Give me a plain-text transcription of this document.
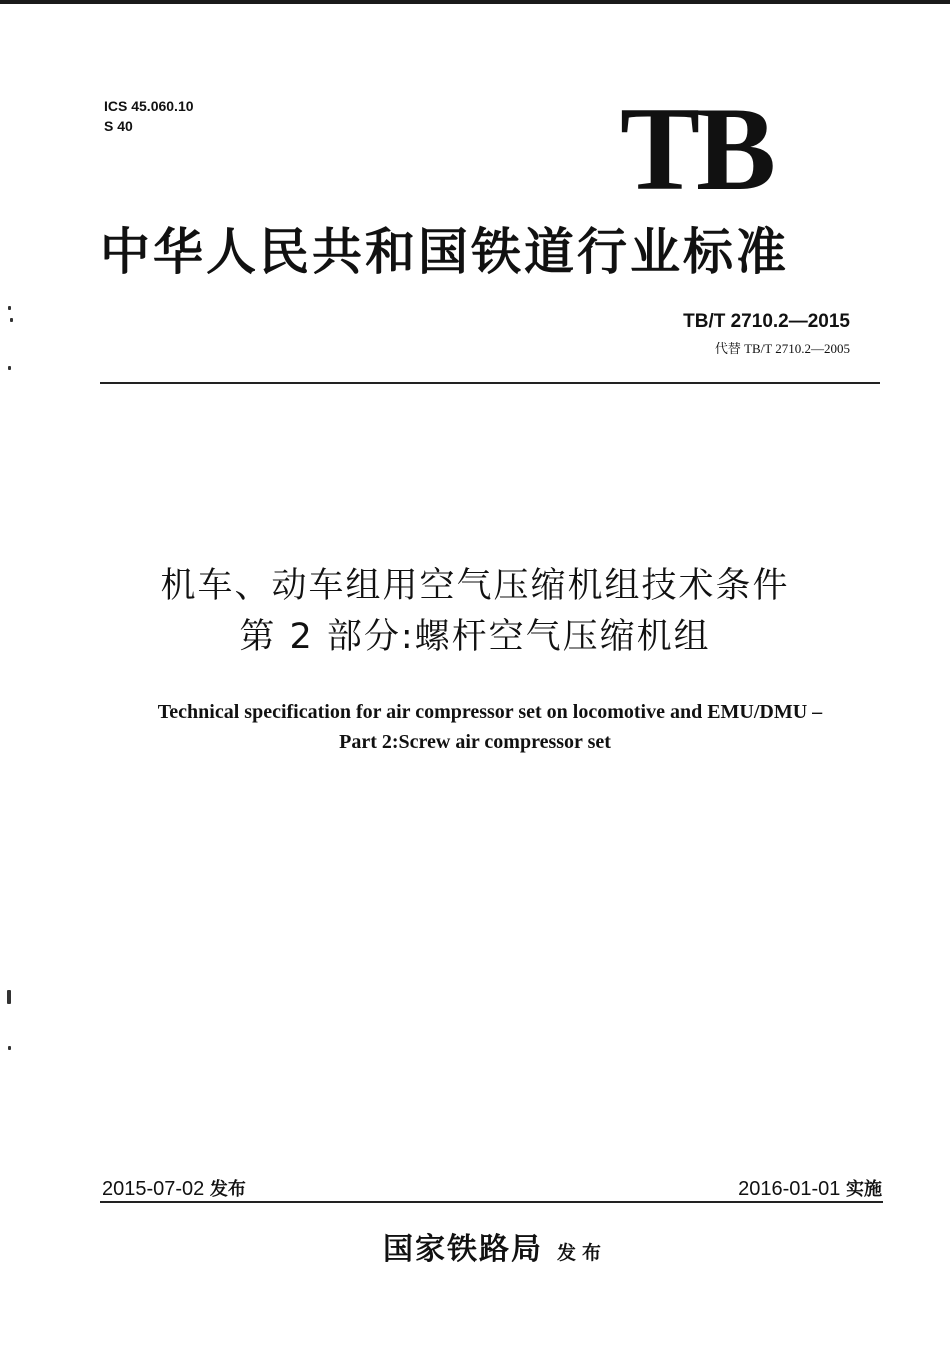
ICS 45.060.10
S 40	TB
中华人民共和国铁道行业标准
TB/T 2710.2—2015
代替 TB/T 2710.2—2005
机车、动车组用空气压缩机组技术条件
第 2 部分:螺杆空气压缩机组
Technical specification for air compressor set on locomotive and EMU/DMU –
Part 2:Screw air compressor set
2015-07-02 发布	2016-01-01 实施
国家铁路局 发布
